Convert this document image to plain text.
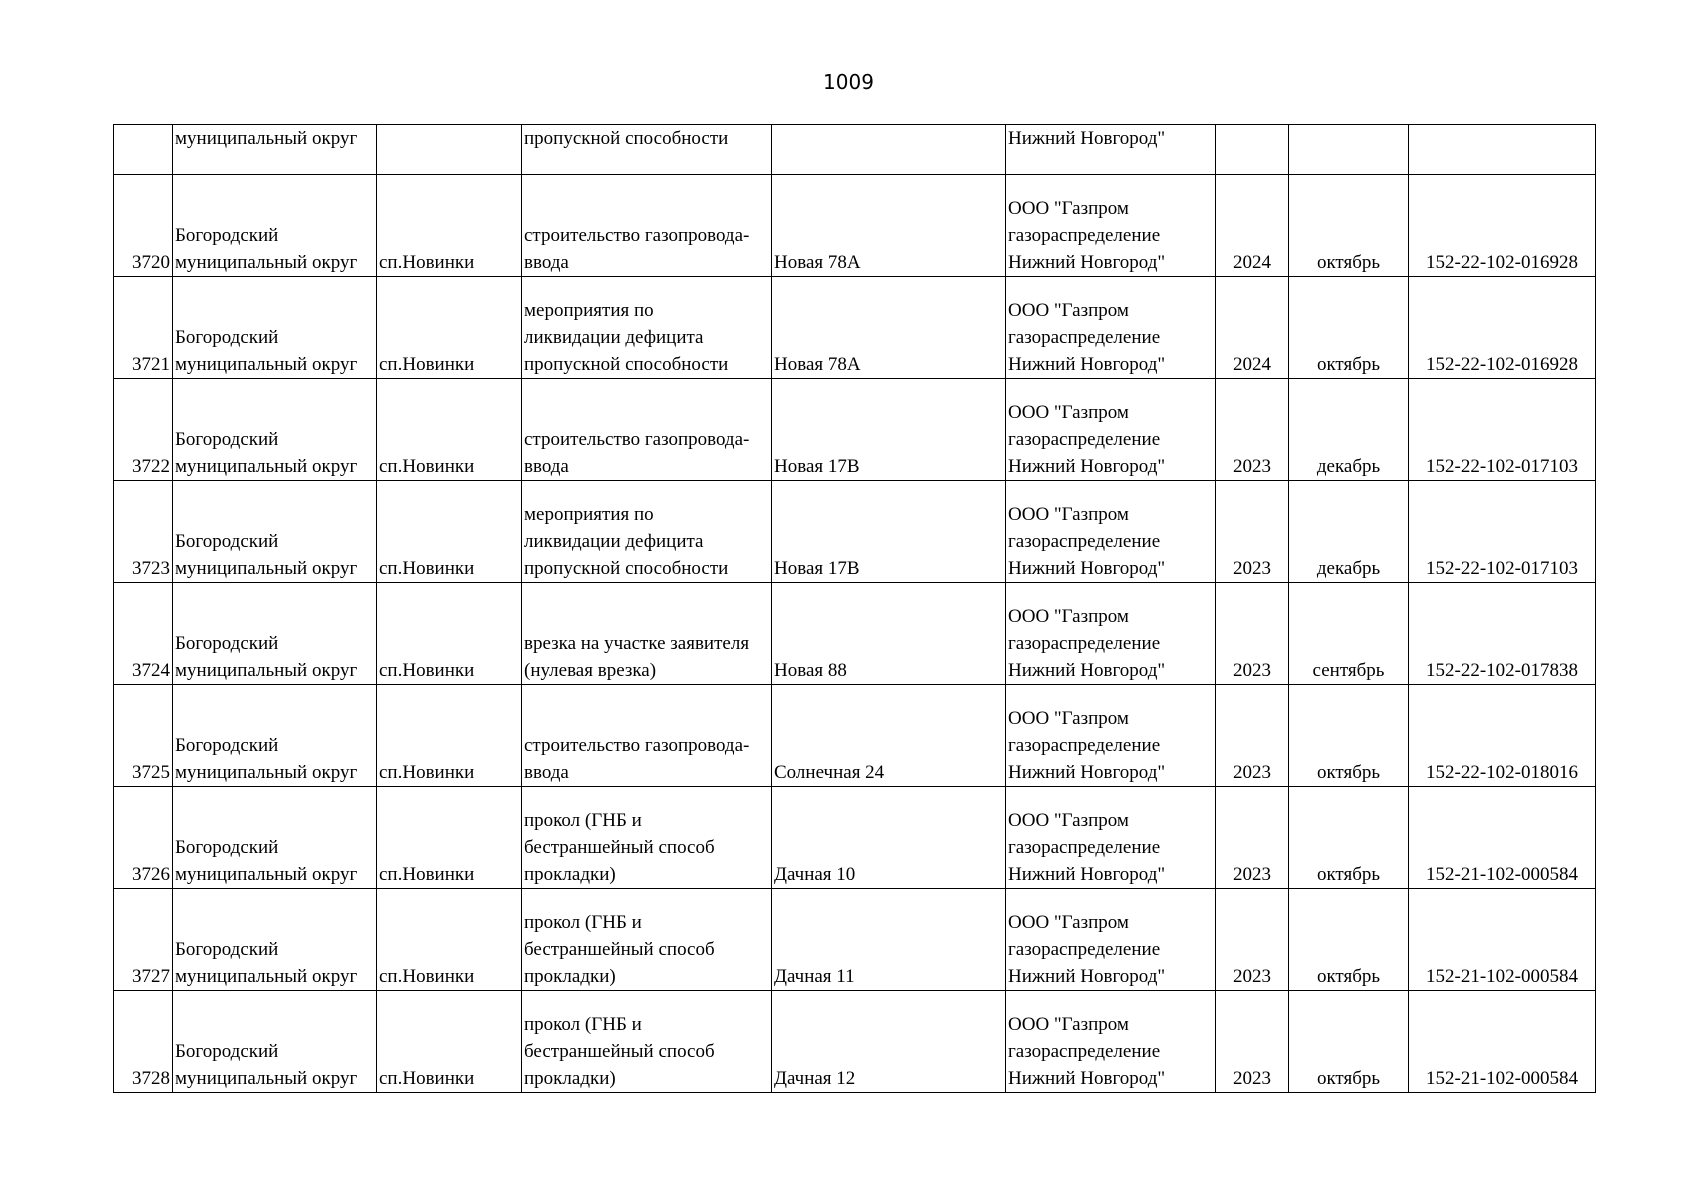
1009
	муниципальный округ		пропускной способности		Нижний Новгород"			
3720	Богородский
муниципальный округ	сп.Новинки	строительство газопровода-
ввода	Новая 78А	ООО "Газпром
газораспределение
Нижний Новгород"	2024	октябрь	152-22-102-016928
3721	Богородский
муниципальный округ	сп.Новинки	мероприятия по
ликвидации дефицита
пропускной способности	Новая 78А	ООО "Газпром
газораспределение
Нижний Новгород"	2024	октябрь	152-22-102-016928
3722	Богородский
муниципальный округ	сп.Новинки	строительство газопровода-
ввода	Новая 17В	ООО "Газпром
газораспределение
Нижний Новгород"	2023	декабрь	152-22-102-017103
3723	Богородский
муниципальный округ	сп.Новинки	мероприятия по
ликвидации дефицита
пропускной способности	Новая 17В	ООО "Газпром
газораспределение
Нижний Новгород"	2023	декабрь	152-22-102-017103
3724	Богородский
муниципальный округ	сп.Новинки	врезка на участке заявителя
(нулевая врезка)	Новая 88	ООО "Газпром
газораспределение
Нижний Новгород"	2023	сентябрь	152-22-102-017838
3725	Богородский
муниципальный округ	сп.Новинки	строительство газопровода-
ввода	Солнечная 24	ООО "Газпром
газораспределение
Нижний Новгород"	2023	октябрь	152-22-102-018016
3726	Богородский
муниципальный округ	сп.Новинки	прокол (ГНБ и
бестраншейный способ
прокладки)	Дачная 10	ООО "Газпром
газораспределение
Нижний Новгород"	2023	октябрь	152-21-102-000584
3727	Богородский
муниципальный округ	сп.Новинки	прокол (ГНБ и
бестраншейный способ
прокладки)	Дачная 11	ООО "Газпром
газораспределение
Нижний Новгород"	2023	октябрь	152-21-102-000584
3728	Богородский
муниципальный округ	сп.Новинки	прокол (ГНБ и
бестраншейный способ
прокладки)	Дачная 12	ООО "Газпром
газораспределение
Нижний Новгород"	2023	октябрь	152-21-102-000584
